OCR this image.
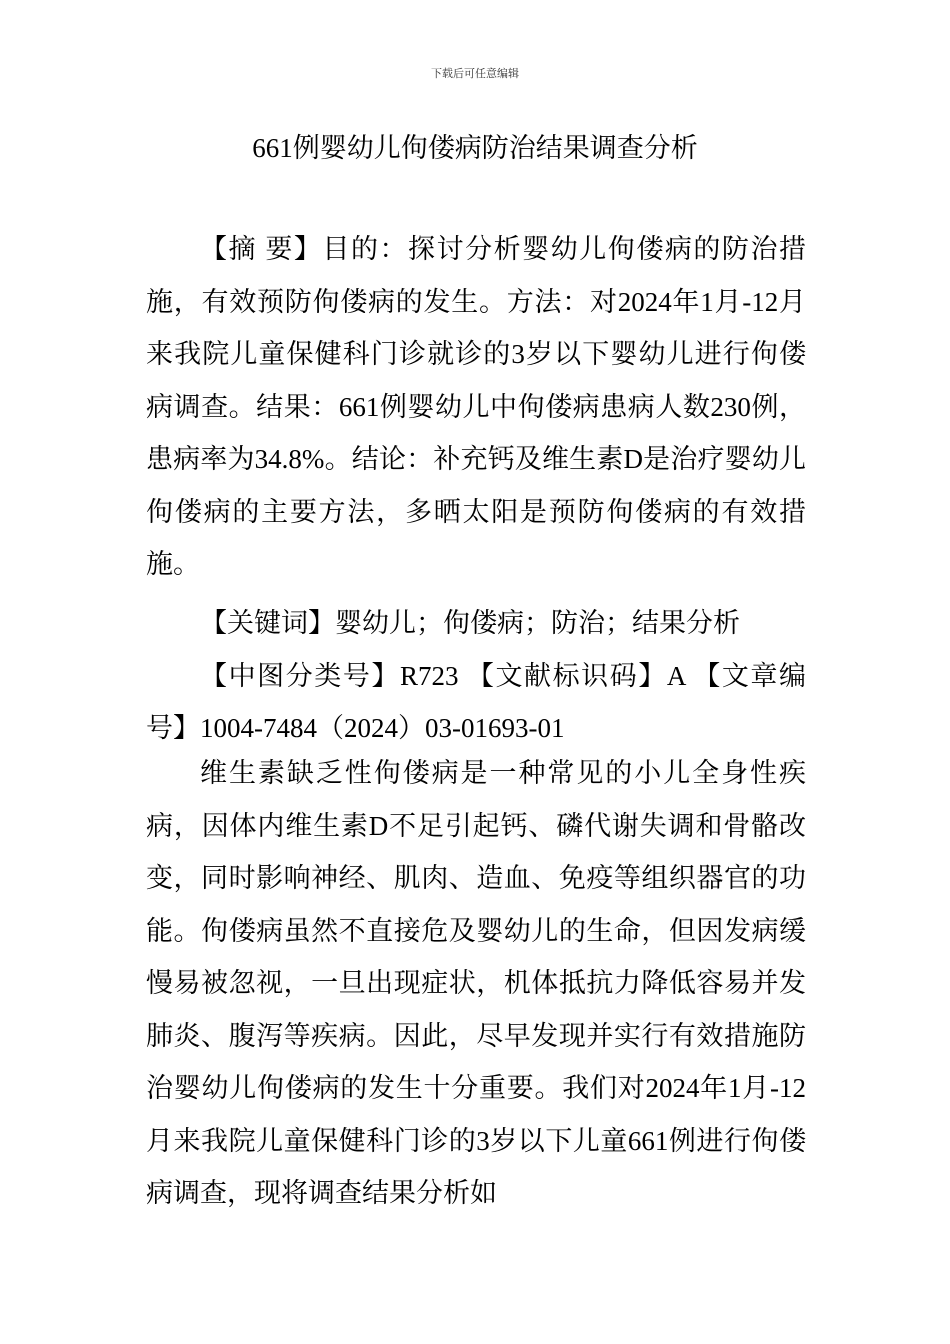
下载后可任意编辑
661例婴幼儿佝偻病防治结果调查分析

【摘 要】目的：探讨分析婴幼儿佝偻病的防治措施，有效预防佝偻病的发生。方法：对2024年1月-12月来我院儿童保健科门诊就诊的3岁以下婴幼儿进行佝偻病调查。结果：661例婴幼儿中佝偻病患病人数230例，患病率为34.8%。结论：补充钙及维生素D是治疗婴幼儿佝偻病的主要方法，多晒太阳是预防佝偻病的有效措施。

【关键词】婴幼儿；佝偻病；防治；结果分析

【中图分类号】R723 【文献标识码】A 【文章编号】1004-7484（2024）03-01693-01

维生素缺乏性佝偻病是一种常见的小儿全身性疾病，因体内维生素D不足引起钙、磷代谢失调和骨骼改变，同时影响神经、肌肉、造血、免疫等组织器官的功能。佝偻病虽然不直接危及婴幼儿的生命，但因发病缓慢易被忽视，一旦出现症状，机体抵抗力降低容易并发肺炎、腹泻等疾病。因此，尽早发现并实行有效措施防治婴幼儿佝偻病的发生十分重要。我们对2024年1月-12月来我院儿童保健科门诊的3岁以下儿童661例进行佝偻病调查，现将调查结果分析如
